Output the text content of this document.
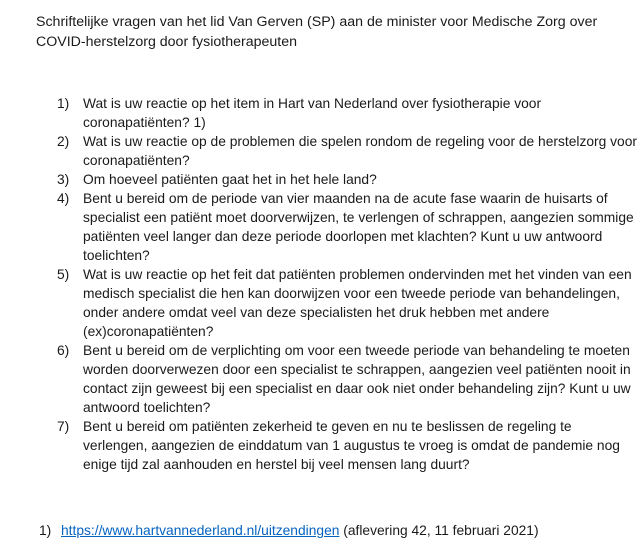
Schriftelijke vragen van het lid Van Gerven (SP) aan de minister voor Medische Zorg over COVID-herstelzorg door fysiotherapeuten
1) Wat is uw reactie op het item in Hart van Nederland over fysiotherapie voor coronapatiënten? 1)
2) Wat is uw reactie op de problemen die spelen rondom de regeling voor de herstelzorg voor coronapatiënten?
3) Om hoeveel patiënten gaat het in het hele land?
4) Bent u bereid om de periode van vier maanden na de acute fase waarin de huisarts of specialist een patiënt moet doorverwijzen, te verlengen of schrappen, aangezien sommige patiënten veel langer dan deze periode doorlopen met klachten? Kunt u uw antwoord toelichten?
5) Wat is uw reactie op het feit dat patiënten problemen ondervinden met het vinden van een medisch specialist die hen kan doorwijzen voor een tweede periode van behandelingen, onder andere omdat veel van deze specialisten het druk hebben met andere (ex)coronapatiënten?
6) Bent u bereid om de verplichting om voor een tweede periode van behandeling te moeten worden doorverwezen door een specialist te schrappen, aangezien veel patiënten nooit in contact zijn geweest bij een specialist en daar ook niet onder behandeling zijn? Kunt u uw antwoord toelichten?
7) Bent u bereid om patiënten zekerheid te geven en nu te beslissen de regeling te verlengen, aangezien de einddatum van 1 augustus te vroeg is omdat de pandemie nog enige tijd zal aanhouden en herstel bij veel mensen lang duurt?
1) https://www.hartvannederland.nl/uitzendingen (aflevering 42, 11 februari 2021)
